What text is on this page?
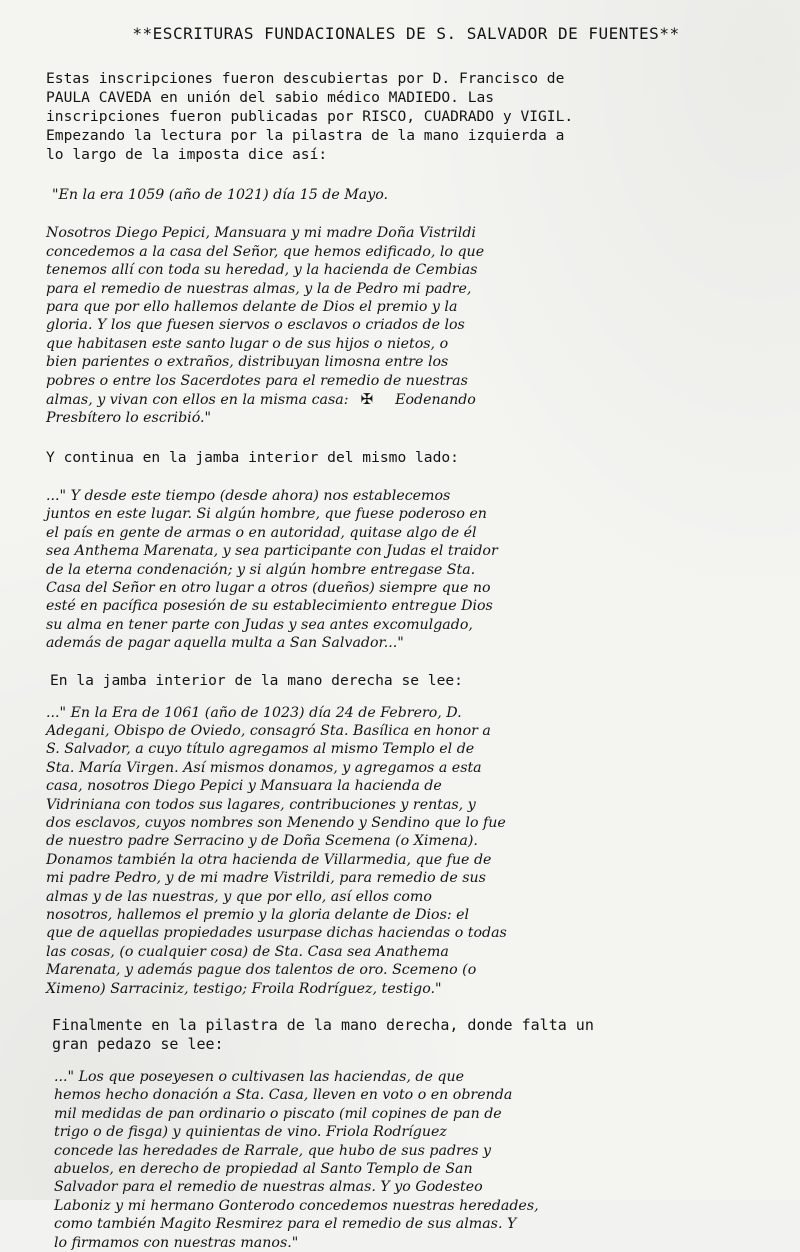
**ESCRITURAS FUNDACIONALES DE S. SALVADOR DE FUENTES**

Estas inscripciones fueron descubiertas por D. Francisco de
PAULA CAVEDA en unión del sabio médico MADIEDO. Las
inscripciones fueron publicadas por RISCO, CUADRADO y VIGIL.
Empezando la lectura por la pilastra de la mano izquierda a
lo largo de la imposta dice así:

"En la era 1059 (año de 1021) día 15 de Mayo.

Nosotros Diego Pepici, Mansuara y mi madre Doña Vistrildi
concedemos a la casa del Señor, que hemos edificado, lo que
tenemos allí con toda su heredad, y la hacienda de Cembias
para el remedio de nuestras almas, y la de Pedro mi padre,
para que por ello hallemos delante de Dios el premio y la
gloria. Y los que fuesen siervos o esclavos o criados de los
que habitasen este santo lugar o de sus hijos o nietos, o
bien parientes o extraños, distribuyan limosna entre los
pobres o entre los Sacerdotes para el remedio de nuestras
almas, y vivan con ellos en la misma casa: ✠ Eodenando
Presbítero lo escribió."

Y continua en la jamba interior del mismo lado:

..." Y desde este tiempo (desde ahora) nos establecemos
juntos en este lugar. Si algún hombre, que fuese poderoso en
el país en gente de armas o en autoridad, quitase algo de él
sea Anthema Marenata, y sea participante con Judas el traidor
de la eterna condenación; y si algún hombre entregase Sta.
Casa del Señor en otro lugar a otros (dueños) siempre que no
esté en pacífica posesión de su establecimiento entregue Dios
su alma en tener parte con Judas y sea antes excomulgado,
además de pagar aquella multa a San Salvador..."

En la jamba interior de la mano derecha se lee:

..." En la Era de 1061 (año de 1023) día 24 de Febrero, D.
Adegani, Obispo de Oviedo, consagró Sta. Basílica en honor a
S. Salvador, a cuyo título agregamos al mismo Templo el de
Sta. María Virgen. Así mismos donamos, y agregamos a esta
casa, nosotros Diego Pepici y Mansuara la hacienda de
Vidriniana con todos sus lagares, contribuciones y rentas, y
dos esclavos, cuyos nombres son Menendo y Sendino que lo fue
de nuestro padre Serracino y de Doña Scemena (o Ximena).
Donamos también la otra hacienda de Villarmedia, que fue de
mi padre Pedro, y de mi madre Vistrildi, para remedio de sus
almas y de las nuestras, y que por ello, así ellos como
nosotros, hallemos el premio y la gloria delante de Dios: el
que de aquellas propiedades usurpase dichas haciendas o todas
las cosas, (o cualquier cosa) de Sta. Casa sea Anathema
Marenata, y además pague dos talentos de oro. Scemeno (o
Ximeno) Sarraciniz, testigo; Froila Rodríguez, testigo."

Finalmente en la pilastra de la mano derecha, donde falta un
gran pedazo se lee:

..." Los que poseyesen o cultivasen las haciendas, de que
hemos hecho donación a Sta. Casa, lleven en voto o en obrenda
mil medidas de pan ordinario o piscato (mil copines de pan de
trigo o de fisga) y quinientas de vino. Friola Rodríguez
concede las heredades de Rarrale, que hubo de sus padres y
abuelos, en derecho de propiedad al Santo Templo de San
Salvador para el remedio de nuestras almas. Y yo Godesteo
Laboniz y mi hermano Gonterodo concedemos nuestras heredades,
como también Magito Resmirez para el remedio de sus almas. Y
lo firmamos con nuestras manos."
